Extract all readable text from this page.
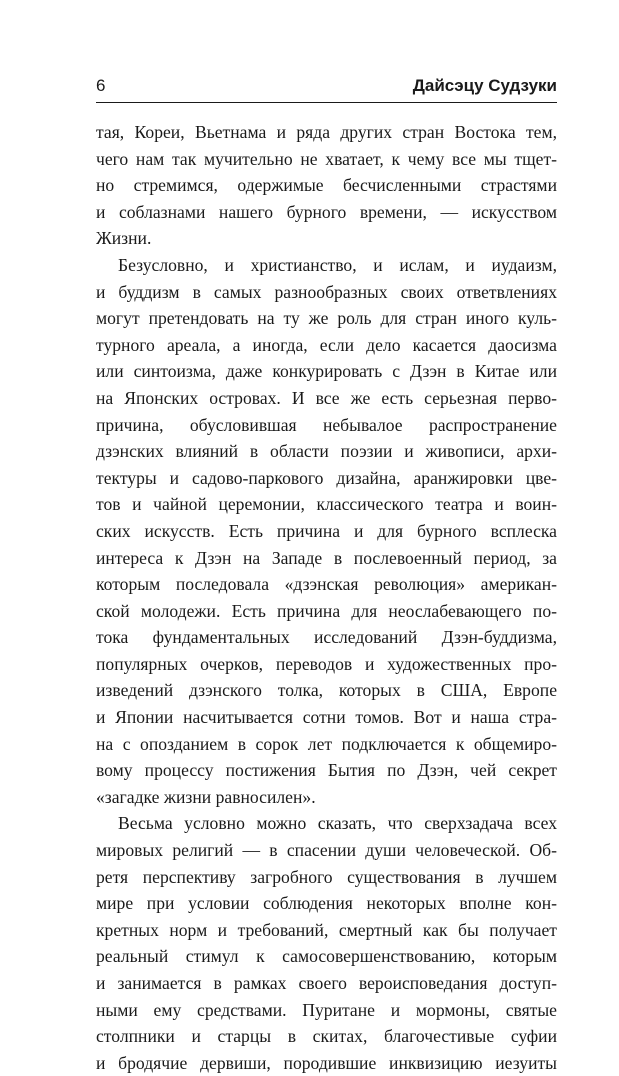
6	Дайсэцу Судзуки
тая, Кореи, Вьетнама и ряда других стран Востока тем,
чего нам так мучительно не хватает, к чему все мы тщет-
но стремимся, одержимые бесчисленными страстями
и соблазнами нашего бурного времени, — искусством
Жизни.
Безусловно, и христианство, и ислам, и иудаизм,
и буддизм в самых разнообразных своих ответвлениях
могут претендовать на ту же роль для стран иного куль-
турного ареала, а иногда, если дело касается даосизма
или синтоизма, даже конкурировать с Дзэн в Китае или
на Японских островах. И все же есть серьезная перво-
причина, обусловившая небывалое распространение
дзэнских влияний в области поэзии и живописи, архи-
тектуры и садово-паркового дизайна, аранжировки цве-
тов и чайной церемонии, классического театра и воин-
ских искусств. Есть причина и для бурного всплеска
интереса к Дзэн на Западе в послевоенный период, за
которым последовала «дзэнская революция» американ-
ской молодежи. Есть причина для неослабевающего по-
тока фундаментальных исследований Дзэн-буддизма,
популярных очерков, переводов и художественных про-
изведений дзэнского толка, которых в США, Европе
и Японии насчитывается сотни томов. Вот и наша стра-
на с опозданием в сорок лет подключается к общемиро-
вому процессу постижения Бытия по Дзэн, чей секрет
«загадке жизни равносилен».
Весьма условно можно сказать, что сверхзадача всех
мировых религий — в спасении души человеческой. Об-
ретя перспективу загробного существования в лучшем
мире при условии соблюдения некоторых вполне кон-
кретных норм и требований, смертный как бы получает
реальный стимул к самосовершенствованию, которым
и занимается в рамках своего вероисповедания доступ-
ными ему средствами. Пуритане и мормоны, святые
столпники и старцы в скитах, благочестивые суфии
и бродячие дервиши, породившие инквизицию иезуиты
